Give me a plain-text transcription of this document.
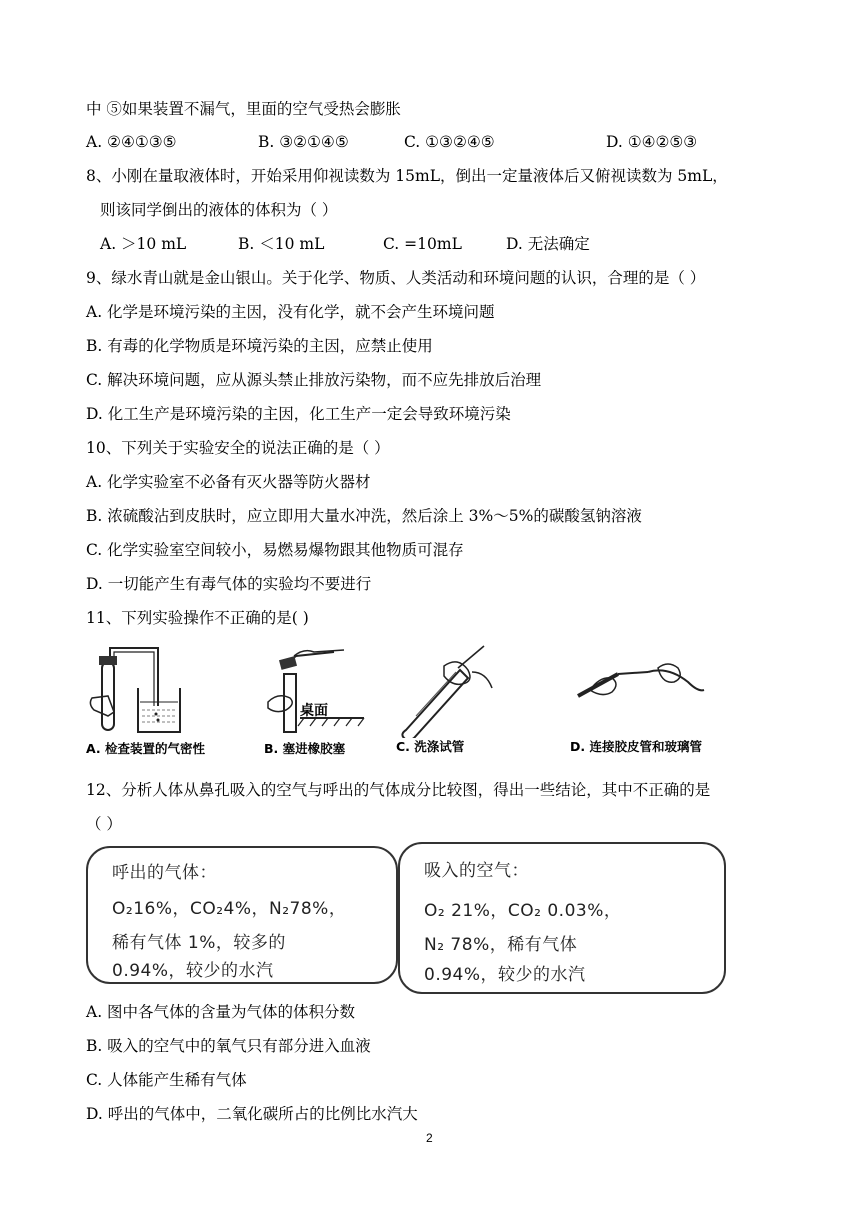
中 ⑤如果装置不漏气，里面的空气受热会膨胀
A. ②④①③⑤	B. ③②①④⑤	C. ①③②④⑤	D. ①④②⑤③
8、小刚在量取液体时，开始采用仰视读数为 15mL，倒出一定量液体后又俯视读数为 5mL，
则该同学倒出的液体的体积为（ ）
A. ＞10 mL	B. ＜10 mL	C. =10mL	D. 无法确定
9、绿水青山就是金山银山。关于化学、物质、人类活动和环境问题的认识，合理的是（ ）
A. 化学是环境污染的主因，没有化学，就不会产生环境问题
B. 有毒的化学物质是环境污染的主因，应禁止使用
C. 解决环境问题，应从源头禁止排放污染物，而不应先排放后治理
D. 化工生产是环境污染的主因，化工生产一定会导致环境污染
10、下列关于实验安全的说法正确的是（ ）
A. 化学实验室不必备有灭火器等防火器材
B. 浓硫酸沾到皮肤时，应立即用大量水冲洗，然后涂上 3%～5%的碳酸氢钠溶液
C. 化学实验室空间较小，易燃易爆物跟其他物质可混存
D. 一切能产生有毒气体的实验均不要进行
11、下列实验操作不正确的是( )
A. 检查装置的气密性
桌面
B. 塞进橡胶塞	C. 洗涤试管	D. 连接胶皮管和玻璃管
12、分析人体从鼻孔吸入的空气与呼出的气体成分比较图，得出一些结论，其中不正确的是
（ ）
呼出的气体：
O₂16%，CO₂4%，N₂78%，
稀有气体 1%，较多的
0.94%，较少的水汽
吸入的空气：
O₂ 21%，CO₂ 0.03%，
N₂ 78%，稀有气体
0.94%，较少的水汽
A. 图中各气体的含量为气体的体积分数
B. 吸入的空气中的氧气只有部分进入血液
C. 人体能产生稀有气体
D. 呼出的气体中，二氧化碳所占的比例比水汽大
2
